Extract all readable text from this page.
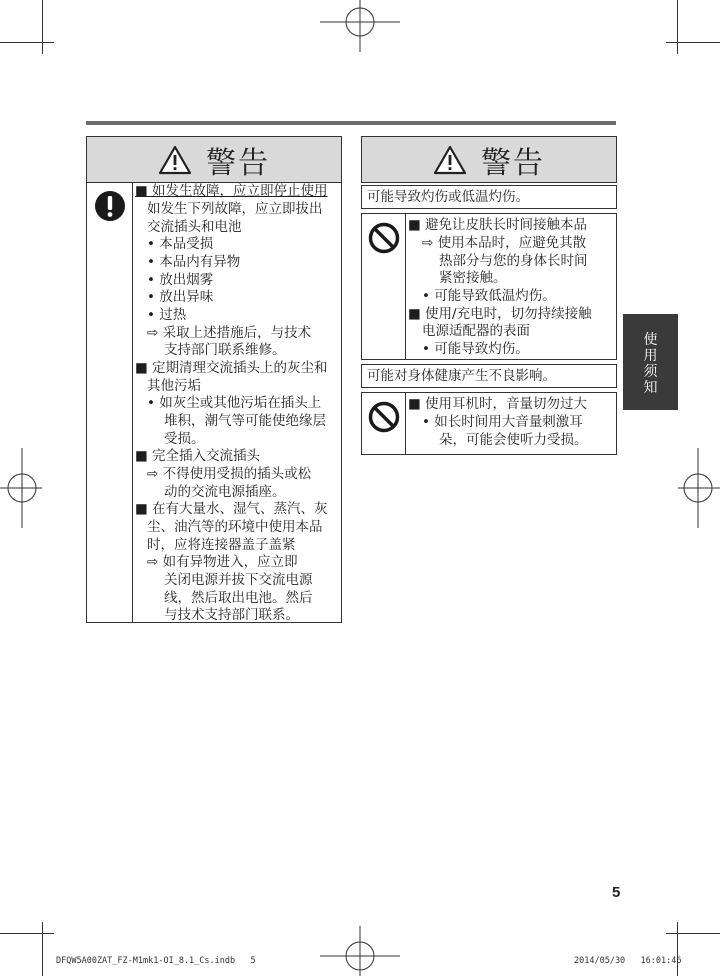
警告
■ 如发生故障，应立即停止使用
如发生下列故障，应立即拔出
交流插头和电池
• 本品受损
• 本品内有异物
• 放出烟雾
• 放出异味
• 过热
⇨ 采取上述措施后，与技术
支持部门联系维修。
■ 定期清理交流插头上的灰尘和
其他污垢
• 如灰尘或其他污垢在插头上
堆积，潮气等可能使绝缘层
受损。
■ 完全插入交流插头
⇨ 不得使用受损的插头或松
动的交流电源插座。
■ 在有大量水、湿气、蒸汽、灰
尘、油汽等的环境中使用本品
时，应将连接器盖子盖紧
⇨ 如有异物进入，应立即
关闭电源并拔下交流电源
线，然后取出电池。然后
与技术支持部门联系。
警告
可能导致灼伤或低温灼伤。
■ 避免让皮肤长时间接触本品
⇨ 使用本品时，应避免其散
热部分与您的身体长时间
紧密接触。
• 可能导致低温灼伤。
■ 使用/充电时，切勿持续接触
电源适配器的表面
• 可能导致灼伤。
可能对身体健康产生不良影响。
■ 使用耳机时，音量切勿过大
• 如长时间用大音量刺激耳
朵，可能会使听力受损。
使
用
须
知
5
DFQW5A00ZAT_FZ-M1mk1-OI_8.1_Cs.indb   5	2014/05/30   16:01:46
